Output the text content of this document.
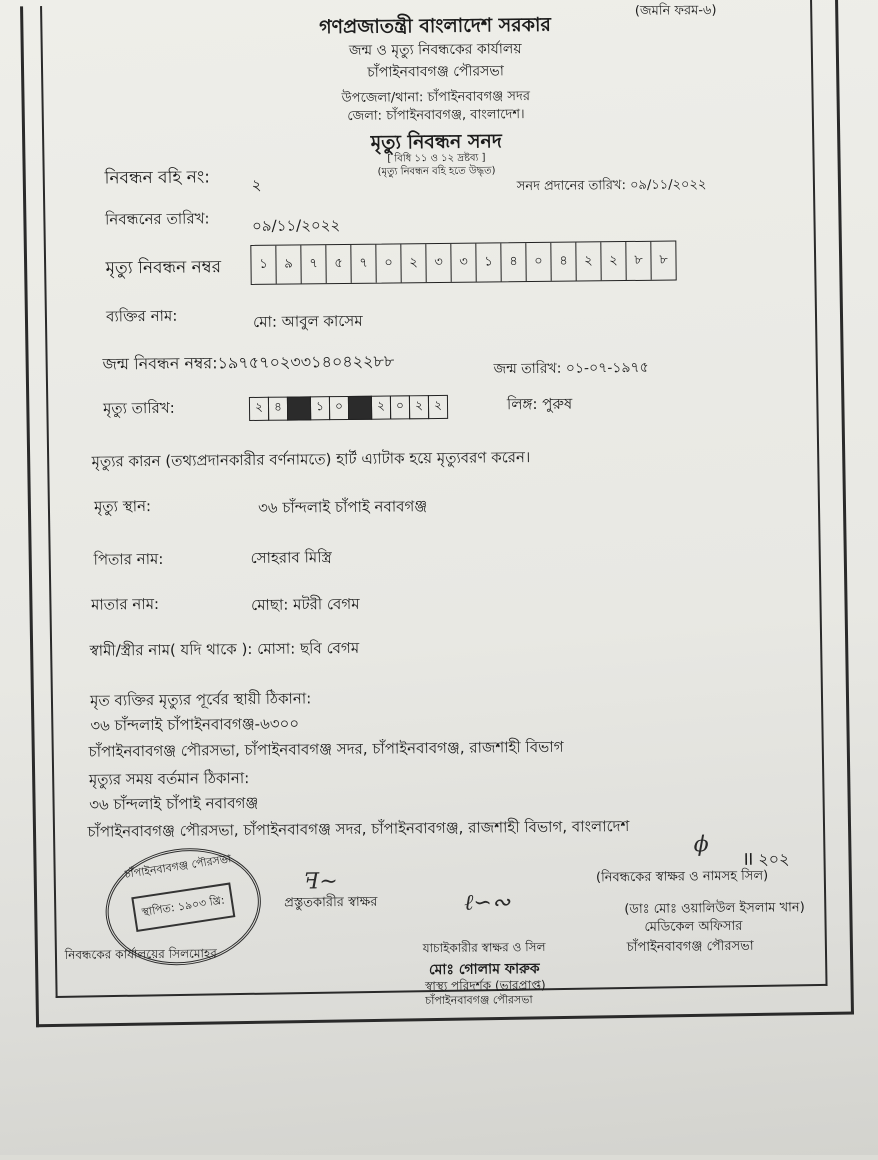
গণপ্রজাতন্ত্রী বাংলাদেশ সরকার
(জমনি ফরম-৬)
জন্ম ও মৃত্যু নিবন্ধকের কার্যালয়
চাঁপাইনবাবগঞ্জ পৌরসভা
উপজেলা/থানা: চাঁপাইনবাবগঞ্জ সদর
জেলা: চাঁপাইনবাবগঞ্জ, বাংলাদেশ।
মৃত্যু নিবন্ধন সনদ
[ বিধি ১১ ও ১২ দ্রষ্টব্য ]
(মৃত্যু নিবন্ধন বহি হতে উদ্ধৃত)
নিবন্ধন বহি নং:	২	সনদ প্রদানের তারিখ: ০৯/১১/২০২২
নিবন্ধনের তারিখ:	০৯/১১/২০২২
মৃত্যু নিবন্ধন নম্বর	১	৯	৭	৫	৭	০	২	৩	৩	১	৪	০	৪	২	২	৮	৮
ব্যক্তির নাম:	মো: আবুল কাসেম
জন্ম নিবন্ধন নম্বর:১৯৭৫৭০২৩৩১৪০৪২২৮৮	জন্ম তারিখ: ০১-০৭-১৯৭৫
মৃত্যু তারিখ:	২ ৪	১ ০	২ ০ ২ ২	লিঙ্গ: পুরুষ
মৃত্যুর কারন (তথ্যপ্রদানকারীর বর্ণনামতে) হার্ট এ্যাটাক হয়ে মৃত্যুবরণ করেন।
মৃত্যু স্থান:	৩৬ চাঁন্দলাই চাঁপাই নবাবগঞ্জ
পিতার নাম:	সোহরাব মিস্ত্রি
মাতার নাম:	মোছা: মটরী বেগম
স্বামী/স্ত্রীর নাম( যদি থাকে ): মোসা: ছবি বেগম
মৃত ব্যক্তির মৃত্যুর পূর্বের স্থায়ী ঠিকানা:
৩৬ চাঁন্দলাই চাঁপাইনবাবগঞ্জ-৬৩০০
চাঁপাইনবাবগঞ্জ পৌরসভা, চাঁপাইনবাবগঞ্জ সদর, চাঁপাইনবাবগঞ্জ, রাজশাহী বিভাগ
মৃত্যুর সময় বর্তমান ঠিকানা:
৩৬ চাঁন্দলাই চাঁপাই নবাবগঞ্জ
চাঁপাইনবাবগঞ্জ পৌরসভা, চাঁপাইনবাবগঞ্জ সদর, চাঁপাইনবাবগঞ্জ, রাজশাহী বিভাগ, বাংলাদেশ
চাঁপাইনবাবগঞ্জ পৌরসভা
স্থাপিত: ১৯০৩ খ্রি:
ꟻ~
ℓ∽∾
ϕ
II ২০২
প্রস্তুতকারীর স্বাক্ষর
(নিবন্ধকের স্বাক্ষর ও নামসহ সিল)
(ডাঃ মোঃ ওয়ালিউল ইসলাম খান)
মেডিকেল অফিসার
চাঁপাইনবাবগঞ্জ পৌরসভা
যাচাইকারীর স্বাক্ষর ও সিল
মোঃ গোলাম ফারুক
স্বাস্থ্য পরিদর্শক (ভারপ্রাপ্ত)
চাঁপাইনবাবগঞ্জ পৌরসভা
নিবন্ধকের কার্যালয়ের সিলমোহর
